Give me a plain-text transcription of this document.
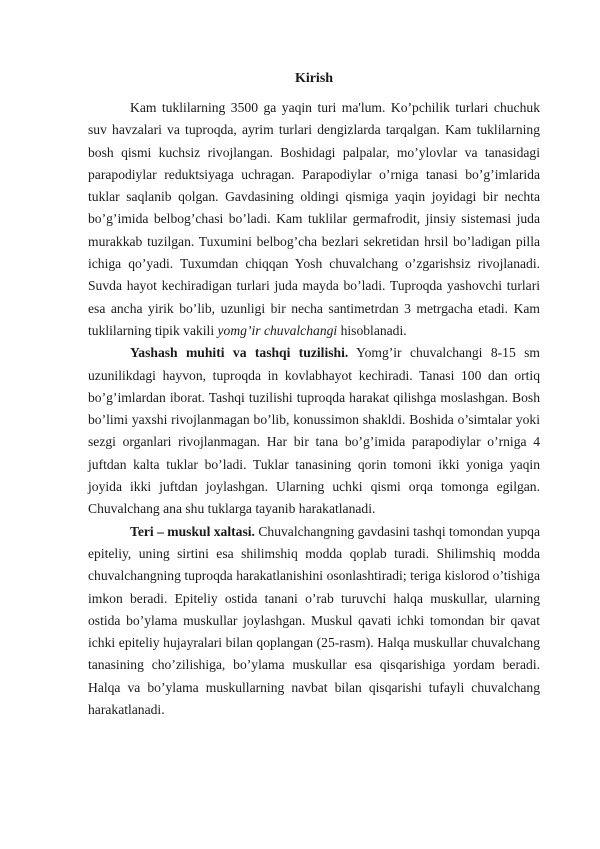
Kirish

Kam tuklilarning 3500 ga yaqin turi ma'lum. Ko’pchilik turlari chuchuk suv havzalari va tuproqda, ayrim turlari dengizlarda tarqalgan. Kam tuklilarning bosh qismi kuchsiz rivojlangan. Boshidagi palpalar, mo’ylovlar va tanasidagi parapodiylar reduktsiyaga uchragan. Parapodiylar o’rniga tanasi bo’g’imlarida tuklar saqlanib qolgan. Gavdasining oldingi qismiga yaqin joyidagi bir nechta bo’g’imida belbog’chasi bo’ladi. Kam tuklilar germafrodit, jinsiy sistemasi juda murakkab tuzilgan. Tuxumini belbog’cha bezlari sekretidan hrsil bo’ladigan pilla ichiga qo’yadi. Tuxumdan chiqqan Yosh chuvalchang o’zgarishsiz rivojlanadi. Suvda hayot kechiradigan turlari juda mayda bo’ladi. Tuproqda yashovchi turlari esa ancha yirik bo’lib, uzunligi bir necha santimetrdan 3 metrgacha etadi. Kam tuklilarning tipik vakili yomg’ir chuvalchangi hisoblanadi.

Yashash muhiti va tashqi tuzilishi. Yomg’ir chuvalchangi 8-15 sm uzunilikdagi hayvon, tuproqda in kovlabhayot kechiradi. Tanasi 100 dan ortiq bo’g’imlardan iborat. Tashqi tuzilishi tuproqda harakat qilishga moslashgan. Bosh bo’limi yaxshi rivojlanmagan bo’lib, konussimon shakldi. Boshida o’simtalar yoki sezgi organlari rivojlanmagan. Har bir tana bo’g’imida parapodiylar o’rniga 4 juftdan kalta tuklar bo’ladi. Tuklar tanasining qorin tomoni ikki yoniga yaqin joyida ikki juftdan joylashgan. Ularning uchki qismi orqa tomonga egilgan. Chuvalchang ana shu tuklarga tayanib harakatlanadi.

Teri – muskul xaltasi. Chuvalchangning gavdasini tashqi tomondan yupqa epiteliy, uning sirtini esa shilimshiq modda qoplab turadi. Shilimshiq modda chuvalchangning tuproqda harakatlanishini osonlashtiradi; teriga kislorod o’tishiga imkon beradi. Epiteliy ostida tanani o’rab turuvchi halqa muskullar, ularning ostida bo’ylama muskullar joylashgan. Muskul qavati ichki tomondan bir qavat ichki epiteliy hujayralari bilan qoplangan (25-rasm). Halqa muskullar chuvalchang tanasining cho’zilishiga, bo’ylama muskullar esa qisqarishiga yordam beradi. Halqa va bo’ylama muskullarning navbat bilan qisqarishi tufayli chuvalchang harakatlanadi.
